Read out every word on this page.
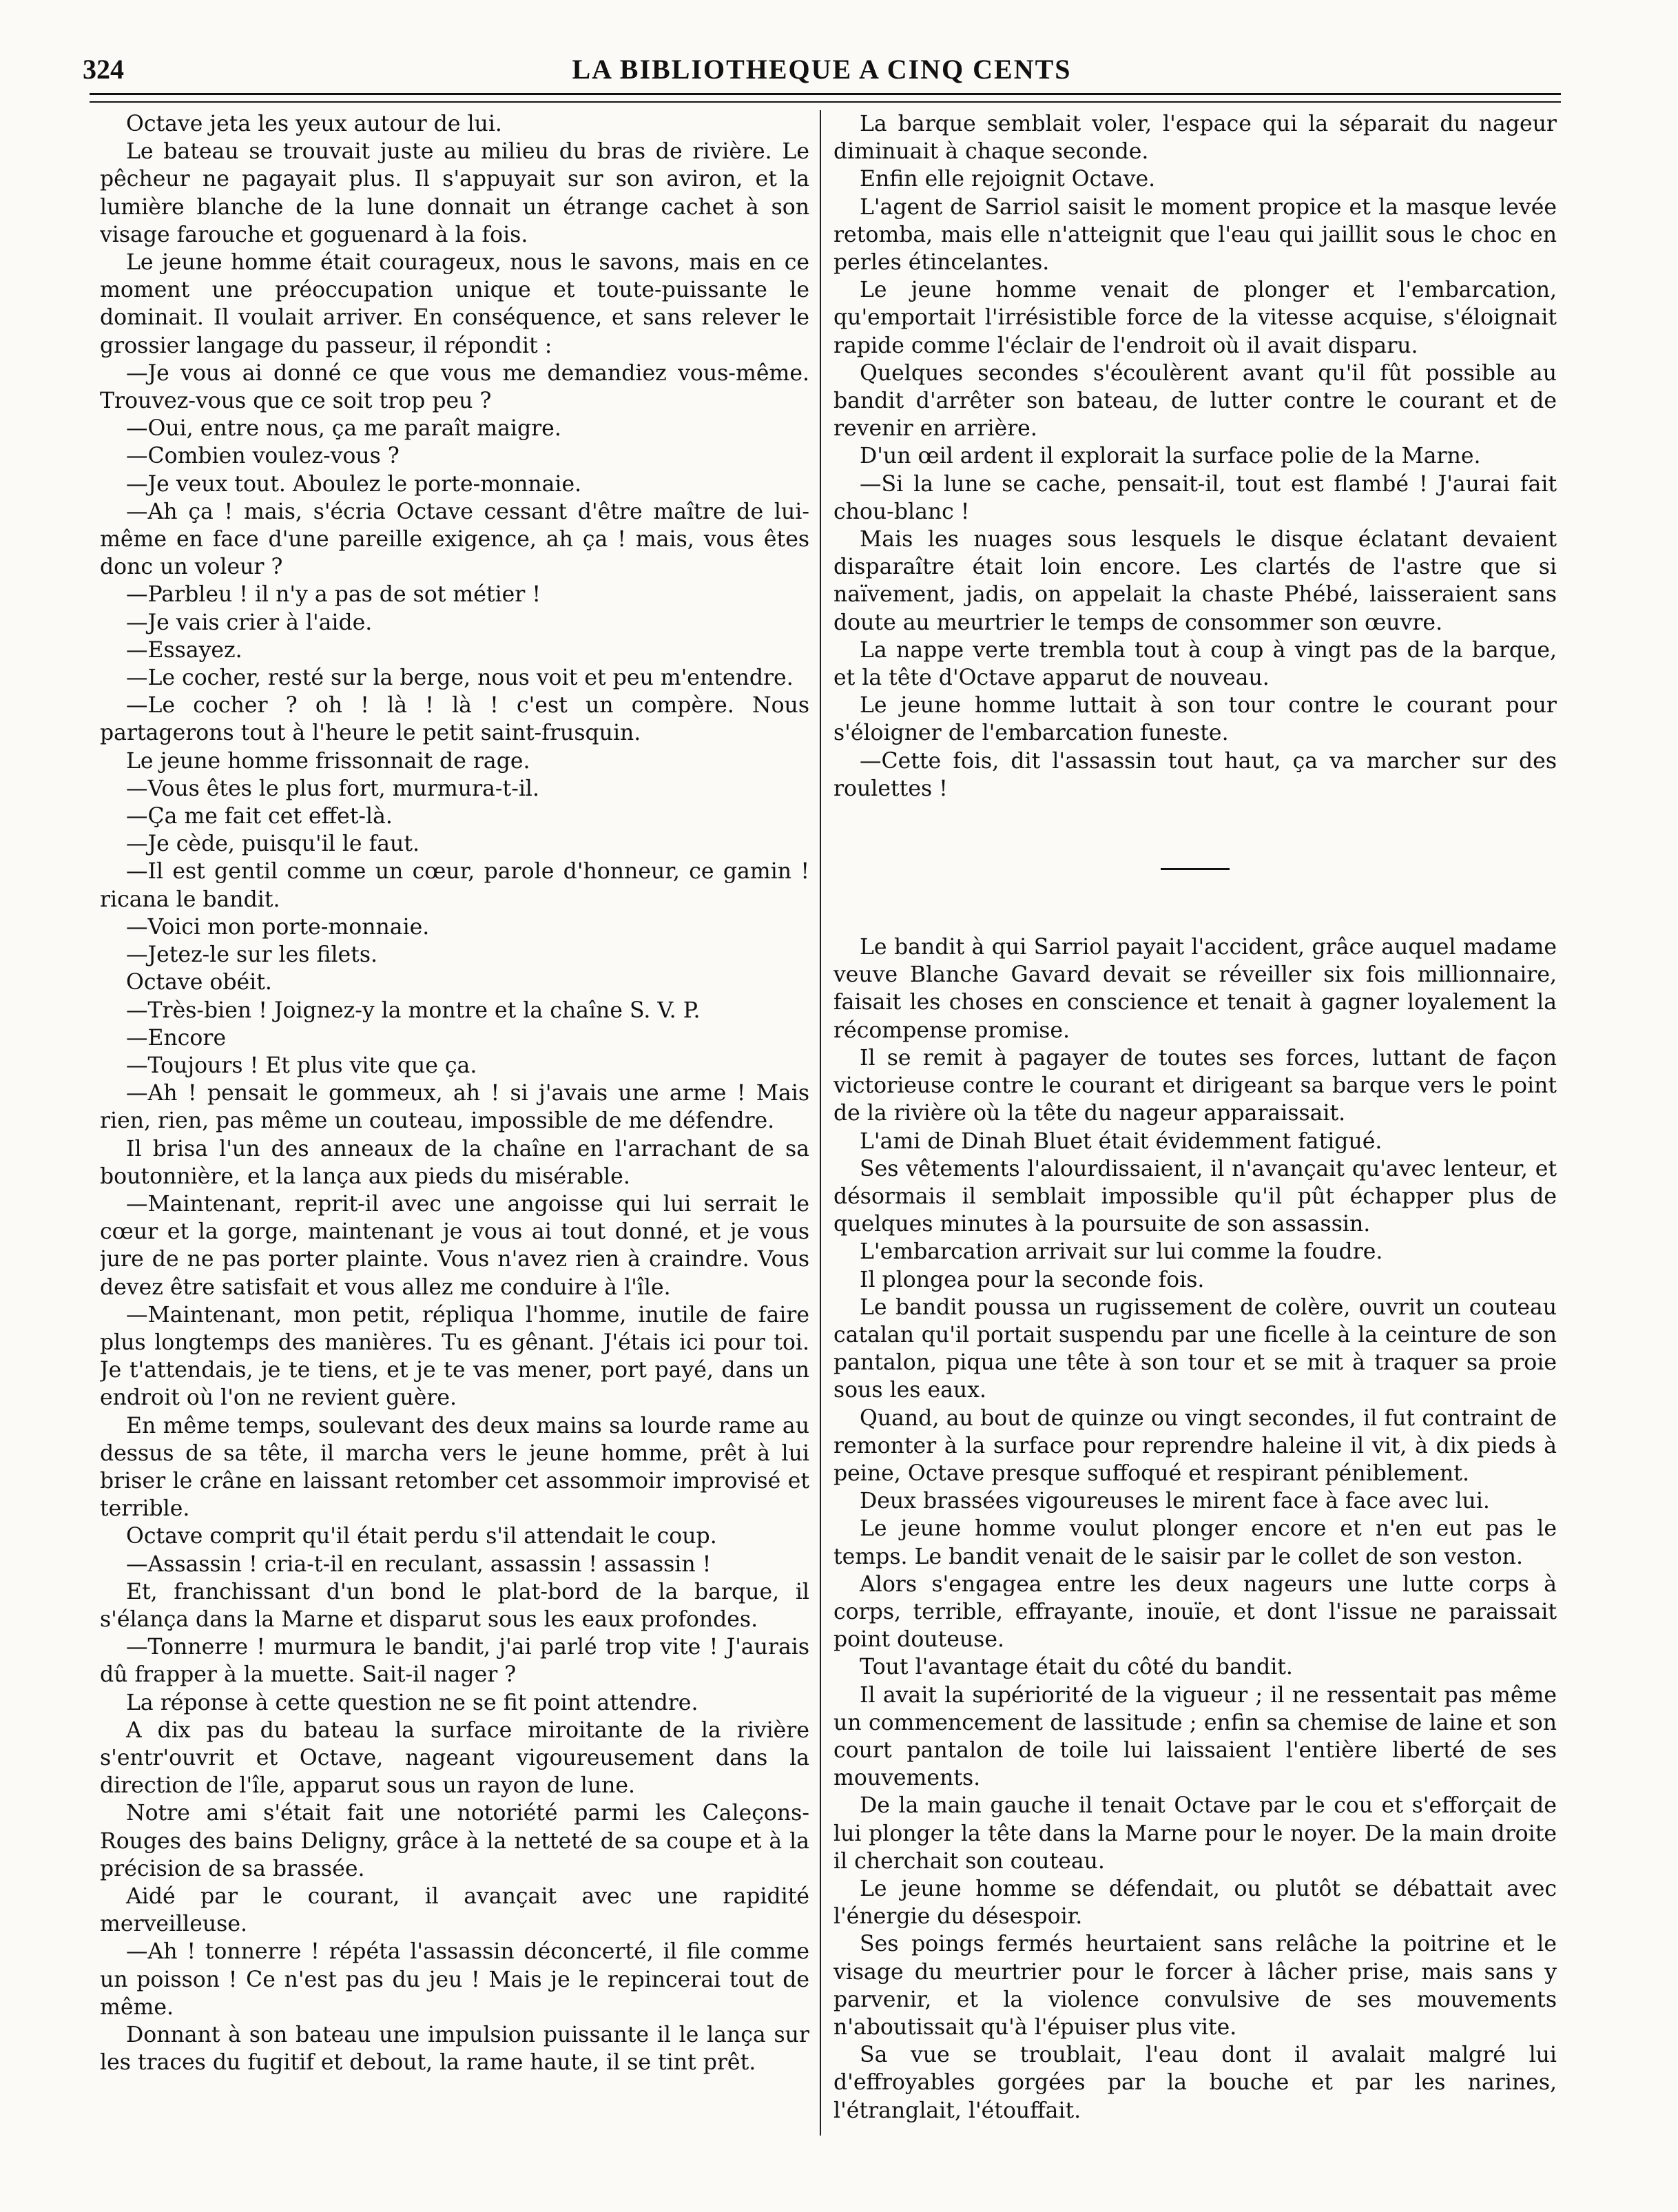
324	LA BIBLIOTHEQUE A CINQ CENTS

Octave jeta les yeux autour de lui.

Le bateau se trouvait juste au milieu du bras de rivière. Le pêcheur ne pagayait plus. Il s'appuyait sur son aviron, et la lumière blanche de la lune donnait un étrange cachet à son visage farouche et goguenard à la fois.

Le jeune homme était courageux, nous le savons, mais en ce moment une préoccupation unique et toute-puissante le dominait. Il voulait arriver. En conséquence, et sans relever le grossier langage du passeur, il répondit :

—Je vous ai donné ce que vous me demandiez vous-même. Trouvez-vous que ce soit trop peu ?

—Oui, entre nous, ça me paraît maigre.

—Combien voulez-vous ?

—Je veux tout. Aboulez le porte-monnaie.

—Ah ça ! mais, s'écria Octave cessant d'être maître de lui-même en face d'une pareille exigence, ah ça ! mais, vous êtes donc un voleur ?

—Parbleu ! il n'y a pas de sot métier !

—Je vais crier à l'aide.

—Essayez.

—Le cocher, resté sur la berge, nous voit et peu m'entendre.

—Le cocher ? oh ! là ! là ! c'est un compère. Nous partagerons tout à l'heure le petit saint-frusquin.

Le jeune homme frissonnait de rage.

—Vous êtes le plus fort, murmura-t-il.

—Ça me fait cet effet-là.

—Je cède, puisqu'il le faut.

—Il est gentil comme un cœur, parole d'honneur, ce gamin ! ricana le bandit.

—Voici mon porte-monnaie.

—Jetez-le sur les filets.

Octave obéit.

—Très-bien ! Joignez-y la montre et la chaîne S. V. P.

—Encore

—Toujours ! Et plus vite que ça.

—Ah ! pensait le gommeux, ah ! si j'avais une arme ! Mais rien, rien, pas même un couteau, impossible de me défendre.

Il brisa l'un des anneaux de la chaîne en l'arrachant de sa boutonnière, et la lança aux pieds du misérable.

—Maintenant, reprit-il avec une angoisse qui lui serrait le cœur et la gorge, maintenant je vous ai tout donné, et je vous jure de ne pas porter plainte. Vous n'avez rien à craindre. Vous devez être satisfait et vous allez me conduire à l'île.

—Maintenant, mon petit, répliqua l'homme, inutile de faire plus longtemps des manières. Tu es gênant. J'étais ici pour toi. Je t'attendais, je te tiens, et je te vas mener, port payé, dans un endroit où l'on ne revient guère.

En même temps, soulevant des deux mains sa lourde rame au dessus de sa tête, il marcha vers le jeune homme, prêt à lui briser le crâne en laissant retomber cet assommoir improvisé et terrible.

Octave comprit qu'il était perdu s'il attendait le coup.

—Assassin ! cria-t-il en reculant, assassin ! assassin !

Et, franchissant d'un bond le plat-bord de la barque, il s'élança dans la Marne et disparut sous les eaux profondes.

—Tonnerre ! murmura le bandit, j'ai parlé trop vite ! J'aurais dû frapper à la muette. Sait-il nager ?

La réponse à cette question ne se fit point attendre.

A dix pas du bateau la surface miroitante de la rivière s'entr'ouvrit et Octave, nageant vigoureusement dans la direction de l'île, apparut sous un rayon de lune.

Notre ami s'était fait une notoriété parmi les Caleçons-Rouges des bains Deligny, grâce à la netteté de sa coupe et à la précision de sa brassée.

Aidé par le courant, il avançait avec une rapidité merveilleuse.

—Ah ! tonnerre ! répéta l'assassin déconcerté, il file comme un poisson ! Ce n'est pas du jeu ! Mais je le repincerai tout de même.

Donnant à son bateau une impulsion puissante il le lança sur les traces du fugitif et debout, la rame haute, il se tint prêt.

La barque semblait voler, l'espace qui la séparait du nageur diminuait à chaque seconde.

Enfin elle rejoignit Octave.

L'agent de Sarriol saisit le moment propice et la masque levée retomba, mais elle n'atteignit que l'eau qui jaillit sous le choc en perles étincelantes.

Le jeune homme venait de plonger et l'embarcation, qu'emportait l'irrésistible force de la vitesse acquise, s'éloignait rapide comme l'éclair de l'endroit où il avait disparu.

Quelques secondes s'écoulèrent avant qu'il fût possible au bandit d'arrêter son bateau, de lutter contre le courant et de revenir en arrière.

D'un œil ardent il explorait la surface polie de la Marne.

—Si la lune se cache, pensait-il, tout est flambé ! J'aurai fait chou-blanc !

Mais les nuages sous lesquels le disque éclatant devaient disparaître était loin encore. Les clartés de l'astre que si naïvement, jadis, on appelait la chaste Phébé, laisseraient sans doute au meurtrier le temps de consommer son œuvre.

La nappe verte trembla tout à coup à vingt pas de la barque, et la tête d'Octave apparut de nouveau.

Le jeune homme luttait à son tour contre le courant pour s'éloigner de l'embarcation funeste.

—Cette fois, dit l'assassin tout haut, ça va marcher sur des roulettes !

Le bandit à qui Sarriol payait l'accident, grâce auquel madame veuve Blanche Gavard devait se réveiller six fois millionnaire, faisait les choses en conscience et tenait à gagner loyalement la récompense promise.

Il se remit à pagayer de toutes ses forces, luttant de façon victorieuse contre le courant et dirigeant sa barque vers le point de la rivière où la tête du nageur apparaissait.

L'ami de Dinah Bluet était évidemment fatigué.

Ses vêtements l'alourdissaient, il n'avançait qu'avec lenteur, et désormais il semblait impossible qu'il pût échapper plus de quelques minutes à la poursuite de son assassin.

L'embarcation arrivait sur lui comme la foudre.

Il plongea pour la seconde fois.

Le bandit poussa un rugissement de colère, ouvrit un couteau catalan qu'il portait suspendu par une ficelle à la ceinture de son pantalon, piqua une tête à son tour et se mit à traquer sa proie sous les eaux.

Quand, au bout de quinze ou vingt secondes, il fut contraint de remonter à la surface pour reprendre haleine il vit, à dix pieds à peine, Octave presque suffoqué et respirant péniblement.

Deux brassées vigoureuses le mirent face à face avec lui.

Le jeune homme voulut plonger encore et n'en eut pas le temps. Le bandit venait de le saisir par le collet de son veston.

Alors s'engagea entre les deux nageurs une lutte corps à corps, terrible, effrayante, inouïe, et dont l'issue ne paraissait point douteuse.

Tout l'avantage était du côté du bandit.

Il avait la supériorité de la vigueur ; il ne ressentait pas même un commencement de lassitude ; enfin sa chemise de laine et son court pantalon de toile lui laissaient l'entière liberté de ses mouvements.

De la main gauche il tenait Octave par le cou et s'efforçait de lui plonger la tête dans la Marne pour le noyer. De la main droite il cherchait son couteau.

Le jeune homme se défendait, ou plutôt se débattait avec l'énergie du désespoir.

Ses poings fermés heurtaient sans relâche la poitrine et le visage du meurtrier pour le forcer à lâcher prise, mais sans y parvenir, et la violence convulsive de ses mouvements n'aboutissait qu'à l'épuiser plus vite.

Sa vue se troublait, l'eau dont il avalait malgré lui d'effroyables gorgées par la bouche et par les narines, l'étranglait, l'étouffait.
